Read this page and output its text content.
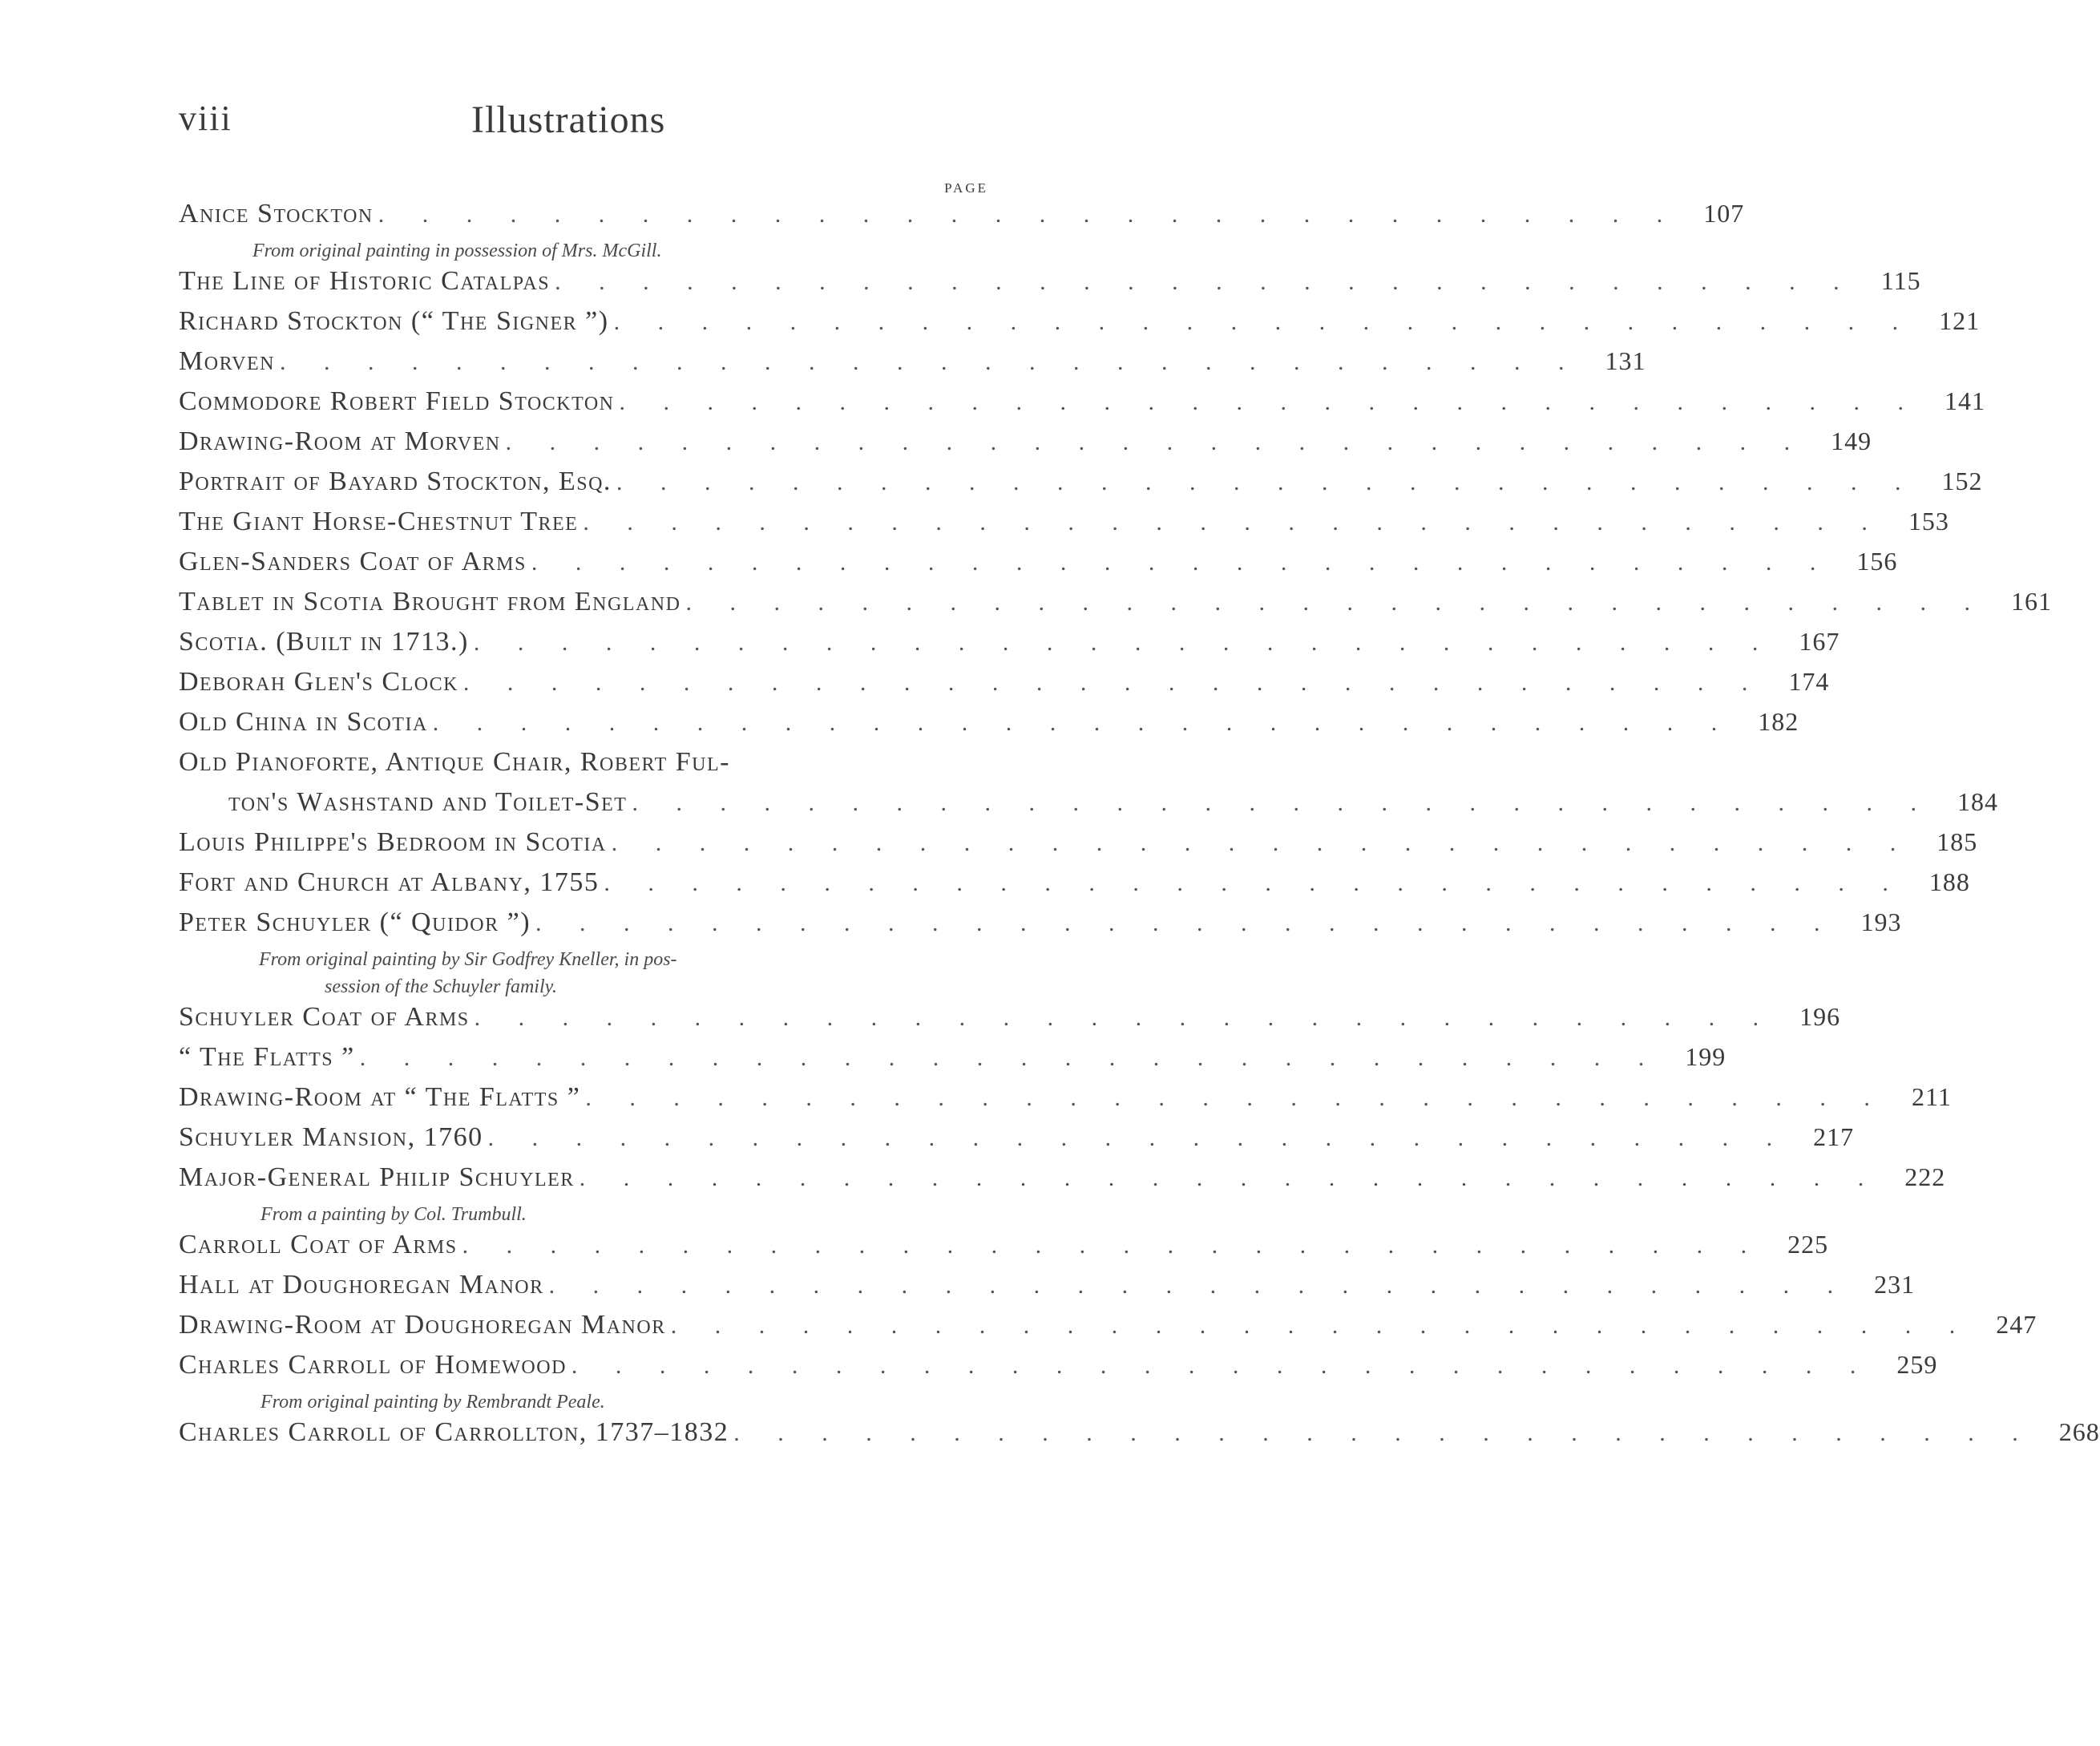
viii	Illustrations
PAGE
Anice Stockton . . . . . . . . . . . . . . . . . . . . . . . . . . . . . . 107
From original painting in possession of Mrs. McGill.
The Line of Historic Catalpas . . . . . . . . . . . . . . . . . . . . . . . . . . . . . .	115
Richard Stockton (“ The Signer ”) . . . . . . . . . . . . . . . . . . . . . . . . . . . . . . 121
Morven . . . . . . . . . . . . . . . . . . . . . . . . . . . . . . 131
Commodore Robert Field Stockton . . . . . . . . . . . . . . . . . . . . . . . . . . . . . . 141
Drawing-Room at Morven . . . . . . . . . . . . . . . . . . . . . . . . . . . . . . 149
Portrait of Bayard Stockton, Esq. . . . . . . . . . . . . . . . . . . . . . . . . . . . . . . 152
The Giant Horse-Chestnut Tree . . . . . . . . . . . . . . . . . . . . . . . . . . . . . . 153
Glen-Sanders Coat of Arms . . . . . . . . . . . . . . . . . . . . . . . . . . . . . . 156
Tablet in Scotia Brought from England . . . . . . . . . . . . . . . . . . . . . . . . . . . . . . 161
Scotia. (Built in 1713.) . . . . . . . . . . . . . . . . . . . . . . . . . . . . . . 167
Deborah Glen's Clock . . . . . . . . . . . . . . . . . . . . . . . . . . . . . . 174
Old China in Scotia . . . . . . . . . . . . . . . . . . . . . . . . . . . . . . 182
Old Pianoforte, Antique Chair, Robert Ful-
ton's Washstand and Toilet-Set . . . . . . . . . . . . . . . . . . . . . . . . . . . . . . 184
Louis Philippe's Bedroom in Scotia . . . . . . . . . . . . . . . . . . . . . . . . . . . . . . 185
Fort and Church at Albany, 1755 . . . . . . . . . . . . . . . . . . . . . . . . . . . . . . 188
Peter Schuyler (“ Quidor ”) . . . . . . . . . . . . . . . . . . . . . . . . . . . . . . 193
From original painting by Sir Godfrey Kneller, in pos-
session of the Schuyler family.
Schuyler Coat of Arms . . . . . . . . . . . . . . . . . . . . . . . . . . . . . . 196
“ The Flatts ” . . . . . . . . . . . . . . . . . . . . . . . . . . . . . . 199
Drawing-Room at “ The Flatts ” . . . . . . . . . . . . . . . . . . . . . . . . . . . . . .	211
Schuyler Mansion, 1760 . . . . . . . . . . . . . . . . . . . . . . . . . . . . . . 217
Major-General Philip Schuyler . . . . . . . . . . . . . . . . . . . . . . . . . . . . . . 222
From a painting by Col. Trumbull.
Carroll Coat of Arms . . . . . . . . . . . . . . . . . . . . . . . . . . . . . . 225
Hall at Doughoregan Manor . . . . . . . . . . . . . . . . . . . . . . . . . . . . . . 231
Drawing-Room at Doughoregan Manor . . . . . . . . . . . . . . . . . . . . . . . . . . . . . . 247
Charles Carroll of Homewood . . . . . . . . . . . . . . . . . . . . . . . . . . . . . . 259
From original painting by Rembrandt Peale.
Charles Carroll of Carrollton, 1737–1832 . . . . . . . . . . . . . . . . . . . . . . . . . . . . . . 268
